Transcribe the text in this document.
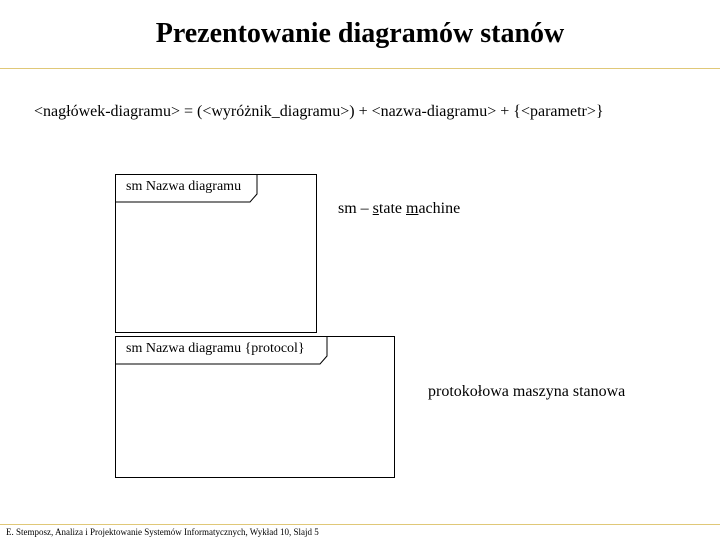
Prezentowanie diagramów stanów
<nagłówek-diagramu> = (<wyróżnik_diagramu>) + <nazwa-diagramu> + {<parametr>}
sm Nazwa diagramu
sm – state machine
sm Nazwa diagramu {protocol}
protokołowa maszyna stanowa
E. Stemposz, Analiza i Projektowanie Systemów Informatycznych, Wykład 10, Slajd 5
